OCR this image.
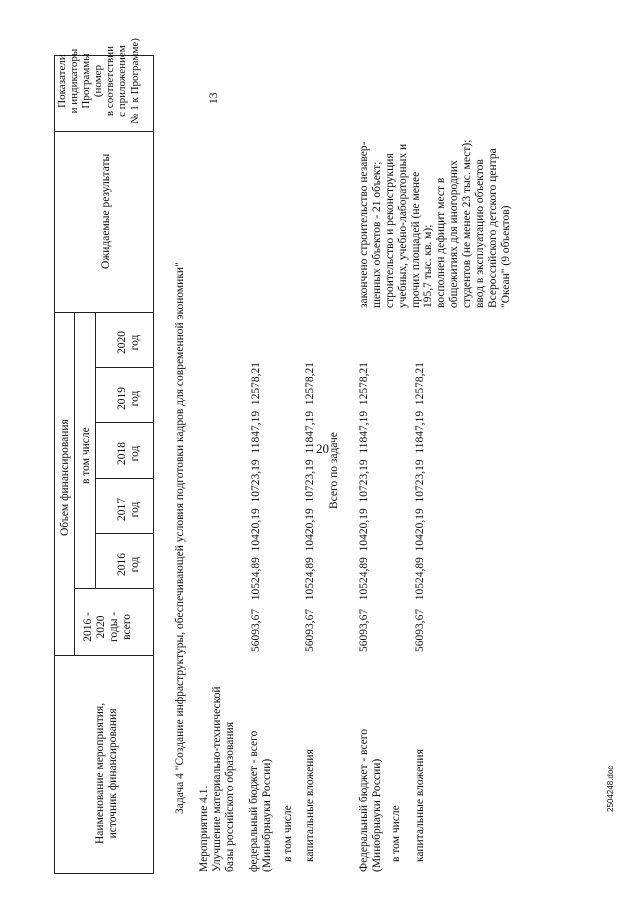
20
Наименование мероприятия, источник финансирования
Объем финансирования
2016 - 2020 годы - всего
в том числе
2016 год
2017 год
2018 год
2019 год
2020 год
Ожидаемые результаты
Показатели и индикаторы Программы (номер в соответствии с приложением № 1 к Программе)
Задача 4 "Создание инфраструктуры, обеспечивающей условия подготовки кадров для современной экономики"
Мероприятие 4.1. Улучшение материально-технической базы российского образования
13
федеральный бюджет - всего (Минобрнауки России)
56093,67   10524,89  10420,19  10723,19  11847,19  12578,21
в том числе капитальные вложения
56093,67   10524,89  10420,19  10723,19  11847,19  12578,21 Всего по задаче
Федеральный бюджет - всего (Минобрнауки России)
56093,67   10524,89  10420,19  10723,19  11847,19  12578,21
в том числе капитальные вложения
56093,67   10524,89  10420,19  10723,19  11847,19  12578,21
закончено строительство незавер- шенных объектов - 21 объект; строительство и реконструкция учебных, учебно-лабораторных и прочих площадей (не менее 195,7 тыс. кв. м); восполнен дефицит мест в общежитиях для иногородних студентов (не менее 23 тыс. мест); ввод в эксплуатацию объектов Всероссийского детского центра "Океан" (9 объектов)
2504248.doc
